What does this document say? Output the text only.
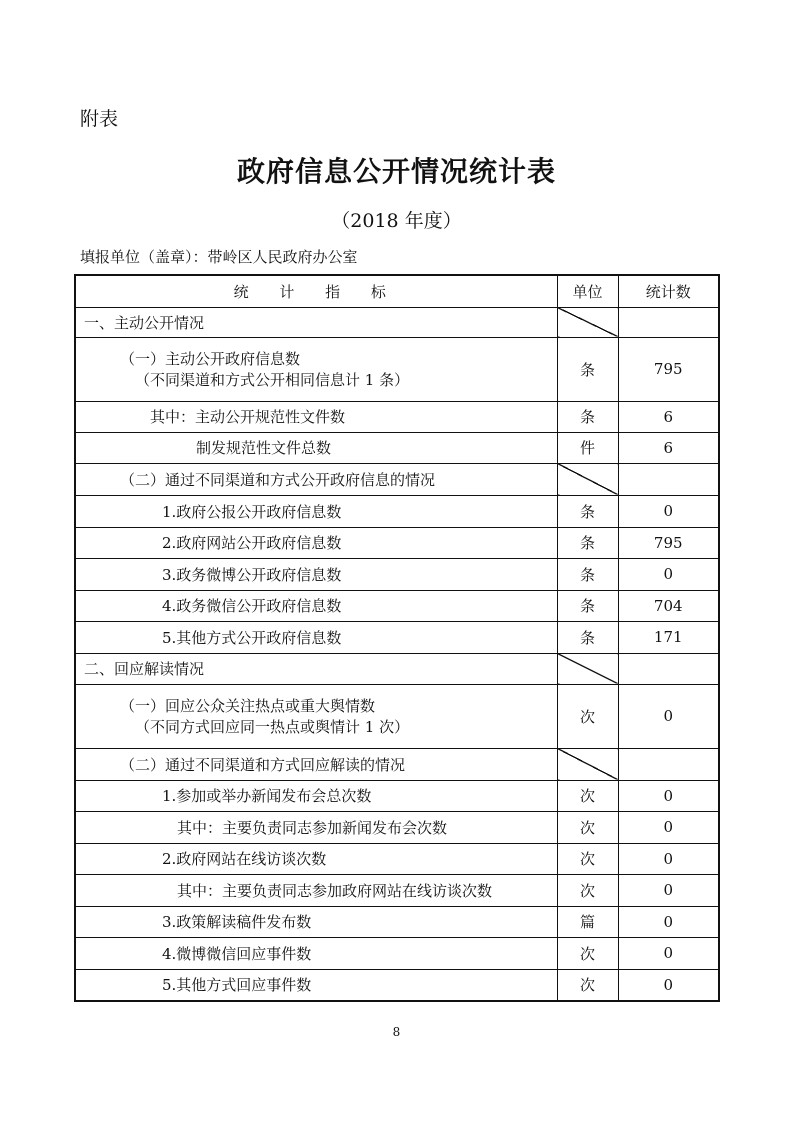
附表
政府信息公开情况统计表
（2018 年度）
填报单位（盖章）：带岭区人民政府办公室
统 计 指 标	单位	统计数
一、主动公开情况		

（一）主动公开政府信息数
（不同渠道和方式公开相同信息计 1 条）	条	795
其中：主动公开规范性文件数	条	6
制发规范性文件总数	件	6
（二）通过不同渠道和方式公开政府信息的情况		
1.政府公报公开政府信息数	条	0
2.政府网站公开政府信息数	条	795
3.政务微博公开政府信息数	条	0
4.政务微信公开政府信息数	条	704
5.其他方式公开政府信息数	条	171
二、回应解读情况		

（一）回应公众关注热点或重大舆情数
（不同方式回应同一热点或舆情计 1 次）	次	0
（二）通过不同渠道和方式回应解读的情况		
1.参加或举办新闻发布会总次数	次	0
其中：主要负责同志参加新闻发布会次数	次	0
2.政府网站在线访谈次数	次	0
其中：主要负责同志参加政府网站在线访谈次数	次	0
3.政策解读稿件发布数	篇	0
4.微博微信回应事件数	次	0
5.其他方式回应事件数	次	0
8
